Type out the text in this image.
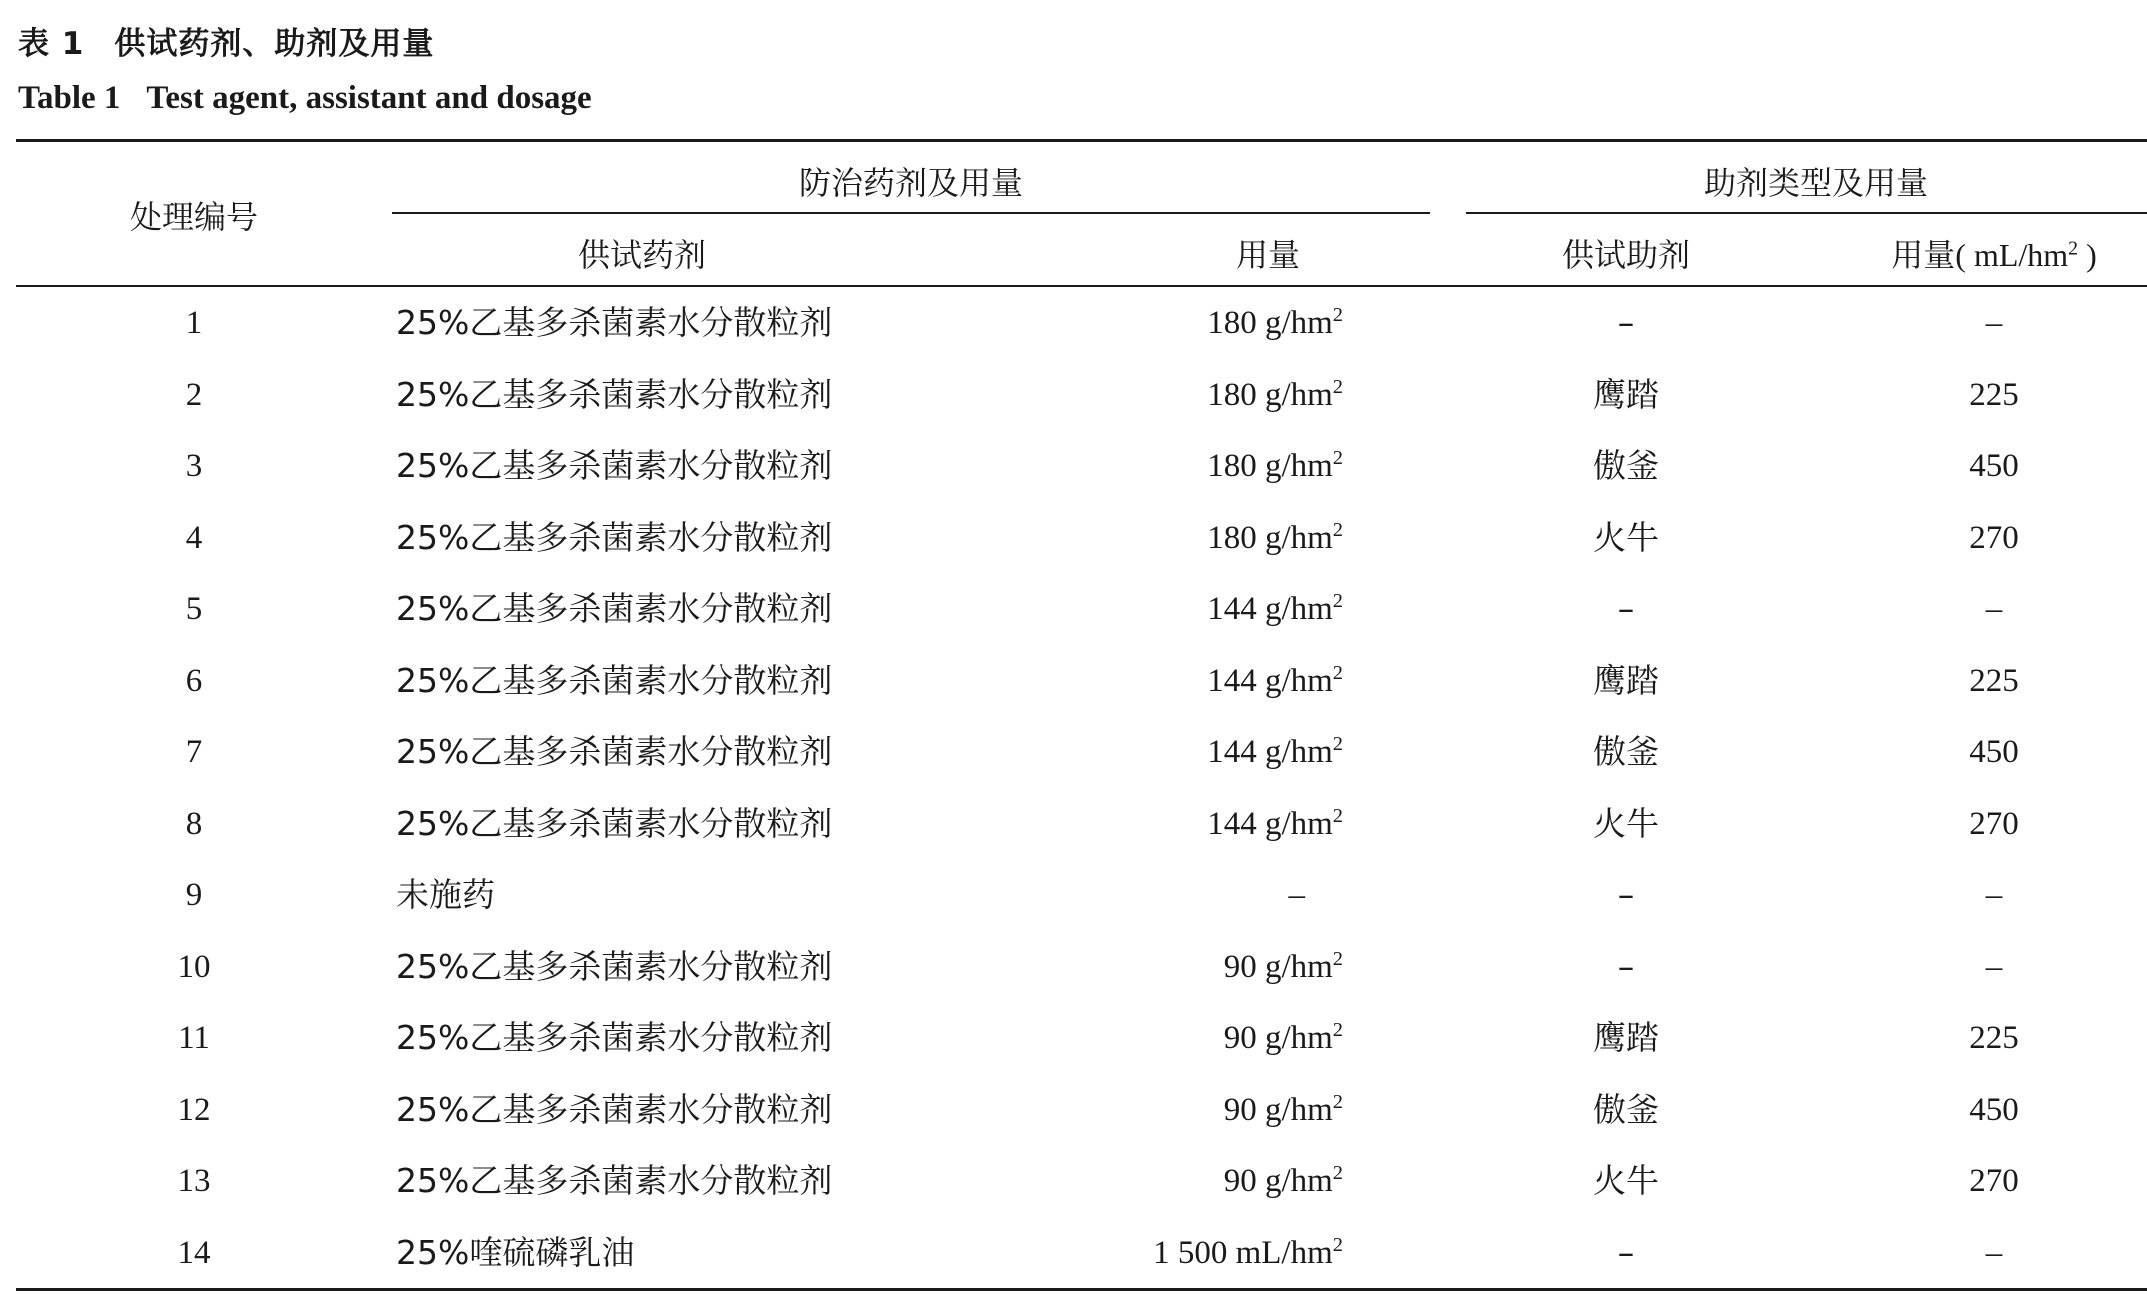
表 1 供试药剂、助剂及用量
Table 1 Test agent, assistant and dosage
处理编号
防治药剂及用量	助剂类型及用量
供试药剂	用量	供试助剂	用量( $mL/hm^2$ )
1	25%乙基多杀菌素水分散粒剂	180 $g/hm^2$	–	–
2	25%乙基多杀菌素水分散粒剂	180 $g/hm^2$	鹰踏	225
3	25%乙基多杀菌素水分散粒剂	180 $g/hm^2$	傲釜	450
4	25%乙基多杀菌素水分散粒剂	180 $g/hm^2$	火牛	270
5	25%乙基多杀菌素水分散粒剂	144 $g/hm^2$	–	–
6	25%乙基多杀菌素水分散粒剂	144 $g/hm^2$	鹰踏	225
7	25%乙基多杀菌素水分散粒剂	144 $g/hm^2$	傲釜	450
8	25%乙基多杀菌素水分散粒剂	144 $g/hm^2$	火牛	270
9	未施药	–	–	–
10	25%乙基多杀菌素水分散粒剂	90 $g/hm^2$	–	–
11	25%乙基多杀菌素水分散粒剂	90 $g/hm^2$	鹰踏	225
12	25%乙基多杀菌素水分散粒剂	90 $g/hm^2$	傲釜	450
13	25%乙基多杀菌素水分散粒剂	90 $g/hm^2$	火牛	270
14	25%喹硫磷乳油	1 500 $mL/hm^2$	–	–
